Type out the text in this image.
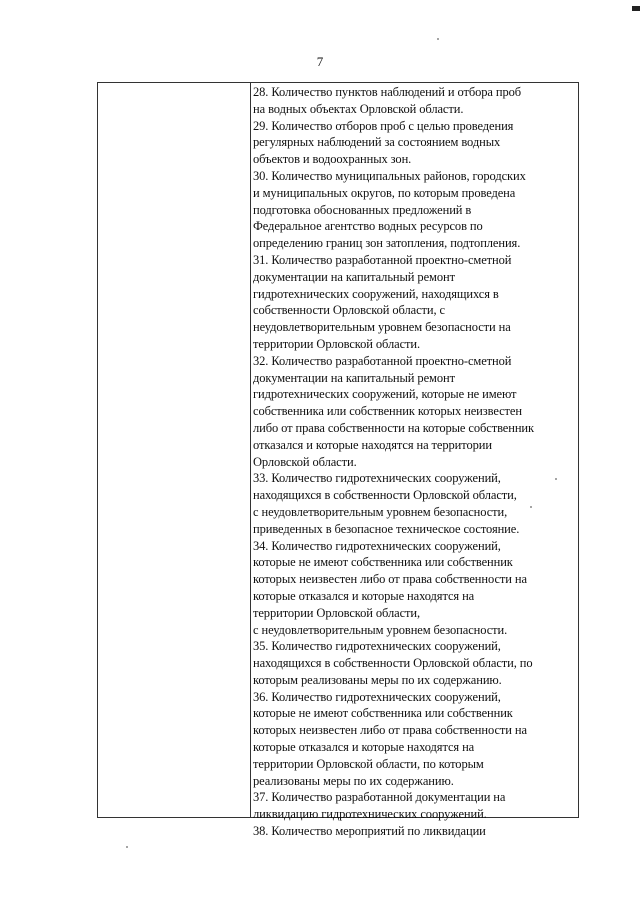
7
28. Количество пунктов наблюдений и отбора проб
на водных объектах Орловской области.
29. Количество отборов проб с целью проведения
регулярных наблюдений за состоянием водных
объектов и водоохранных зон.
30. Количество муниципальных районов, городских
и муниципальных округов, по которым проведена
подготовка обоснованных предложений в
Федеральное агентство водных ресурсов по
определению границ зон затопления, подтопления.
31. Количество разработанной проектно-сметной
документации на капитальный ремонт
гидротехнических сооружений, находящихся в
собственности Орловской области, с
неудовлетворительным уровнем безопасности на
территории Орловской области.
32. Количество разработанной проектно-сметной
документации на капитальный ремонт
гидротехнических сооружений, которые не имеют
собственника или собственник которых неизвестен
либо от права собственности на которые собственник
отказался и которые находятся на территории
Орловской области.
33. Количество гидротехнических сооружений,
находящихся в собственности Орловской области,
с неудовлетворительным уровнем безопасности,
приведенных в безопасное техническое состояние.
34. Количество гидротехнических сооружений,
которые не имеют собственника или собственник
которых неизвестен либо от права собственности на
которые отказался и которые находятся на
территории Орловской области,
с неудовлетворительным уровнем безопасности.
35. Количество гидротехнических сооружений,
находящихся в собственности Орловской области, по
которым реализованы меры по их содержанию.
36. Количество гидротехнических сооружений,
которые не имеют собственника или собственник
которых неизвестен либо от права собственности на
которые отказался и которые находятся на
территории Орловской области, по которым
реализованы меры по их содержанию.
37. Количество разработанной документации на
ликвидацию гидротехнических сооружений.
38. Количество мероприятий по ликвидации
